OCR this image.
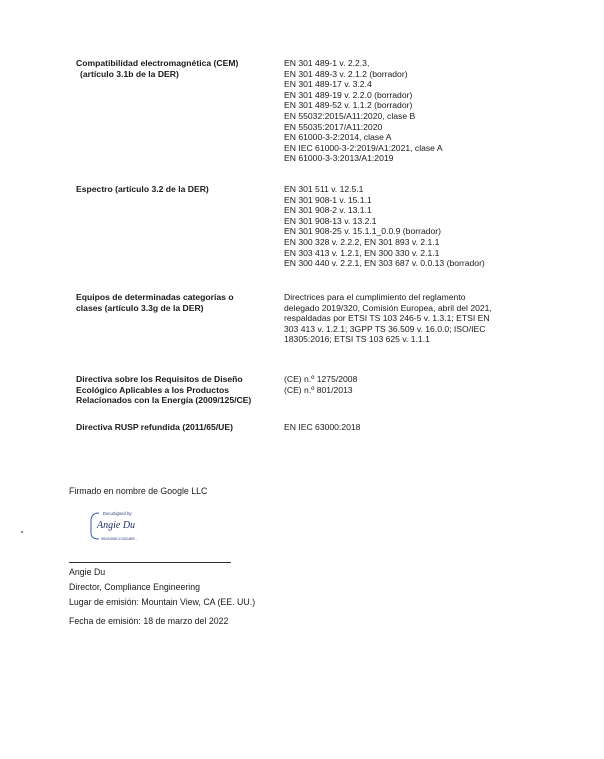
Compatibilidad electromagnética (CEM)
(artículo 3.1b de la DER)
EN 301 489-1 v. 2.2.3,
EN 301 489-3 v. 2.1.2 (borrador)
EN 301 489-17 v. 3.2.4
EN 301 489-19 v. 2.2.0 (borrador)
EN 301 489-52 v. 1.1.2 (borrador)
EN 55032:2015/A11:2020, clase B
EN 55035:2017/A11:2020
EN 61000-3-2:2014, clase A
EN IEC 61000-3-2:2019/A1:2021, clase A
EN 61000-3-3:2013/A1:2019
Espectro (artículo 3.2 de la DER)	EN 301 511 v. 12.5.1
EN 301 908-1 v. 15.1.1
EN 301 908-2 v. 13.1.1
EN 301 908-13 v. 13.2.1
EN 301 908-25 v. 15.1.1_0.0.9 (borrador)
EN 300 328 v. 2.2.2, EN 301 893 v. 2.1.1
EN 303 413 v. 1.2.1, EN 300 330 v. 2.1.1
EN 300 440 v. 2.2.1, EN 303 687 v. 0.0.13 (borrador)
Equipos de determinadas categorías o
clases (artículo 3.3g de la DER)
Directrices para el cumplimiento del reglamento
delegado 2019/320, Comisión Europea, abril del 2021,
respaldadas por ETSI TS 103 246-5 v. 1.3.1; ETSI EN
303 413 v. 1.2.1; 3GPP TS 36.509 v. 16.0.0; ISO/IEC
18305:2016; ETSI TS 103 625 v. 1.1.1
Directiva sobre los Requisitos de Diseño
Ecológico Aplicables a los Productos
Relacionados con la Energía (2009/125/CE)
(CE) n.º 1275/2008
(CE) n.º 801/2013
Directiva RUSP refundida (2011/65/UE)	EN IEC 63000:2018
Firmado en nombre de Google LLC
DocuSigned by:
Angie Du
900A308CC0524BF...
Angie Du
Director, Compliance Engineering
Lugar de emisión: Mountain View, CA (EE. UU.)
Fecha de emisión: 18 de marzo del 2022
